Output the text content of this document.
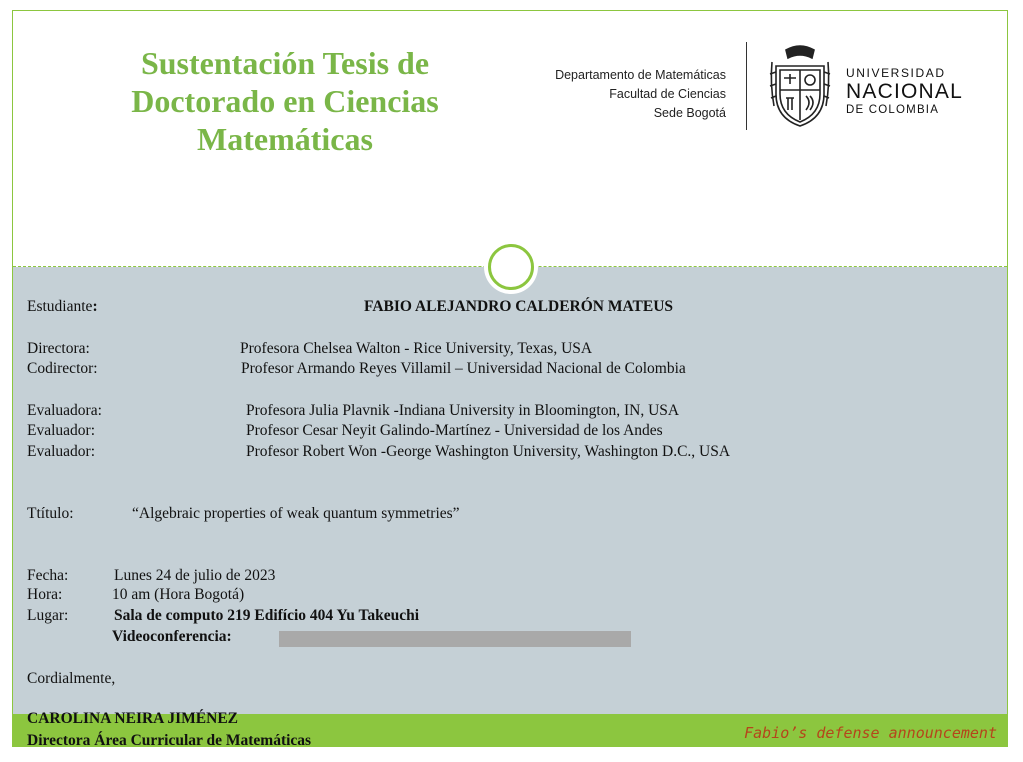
Sustentación Tesis de
Doctorado en Ciencias
Matemáticas
Departamento de Matemáticas
Facultad de Ciencias
Sede Bogotá
UNIVERSIDAD
NACIONAL
DE COLOMBIA
Estudiante:	FABIO ALEJANDRO CALDERÓN MATEUS
Directora:	Profesora Chelsea Walton - Rice University, Texas, USA
Codirector:	Profesor Armando Reyes Villamil – Universidad Nacional de Colombia
Evaluadora:	Profesora Julia Plavnik -Indiana University in Bloomington, IN, USA
Evaluador:	Profesor Cesar Neyit Galindo-Martínez - Universidad de los Andes
Evaluador:	Profesor Robert Won -George Washington University, Washington D.C., USA
Ttítulo:	“Algebraic properties of weak quantum symmetries”
Fecha:	Lunes 24 de julio de 2023
Hora:	10 am (Hora Bogotá)
Lugar:	Sala de computo 219 Edifício 404 Yu Takeuchi
Videoconferencia:
Cordialmente,
Fabio’s defense announcement
CAROLINA NEIRA JIMÉNEZ
Directora Área Curricular de Matemáticas
